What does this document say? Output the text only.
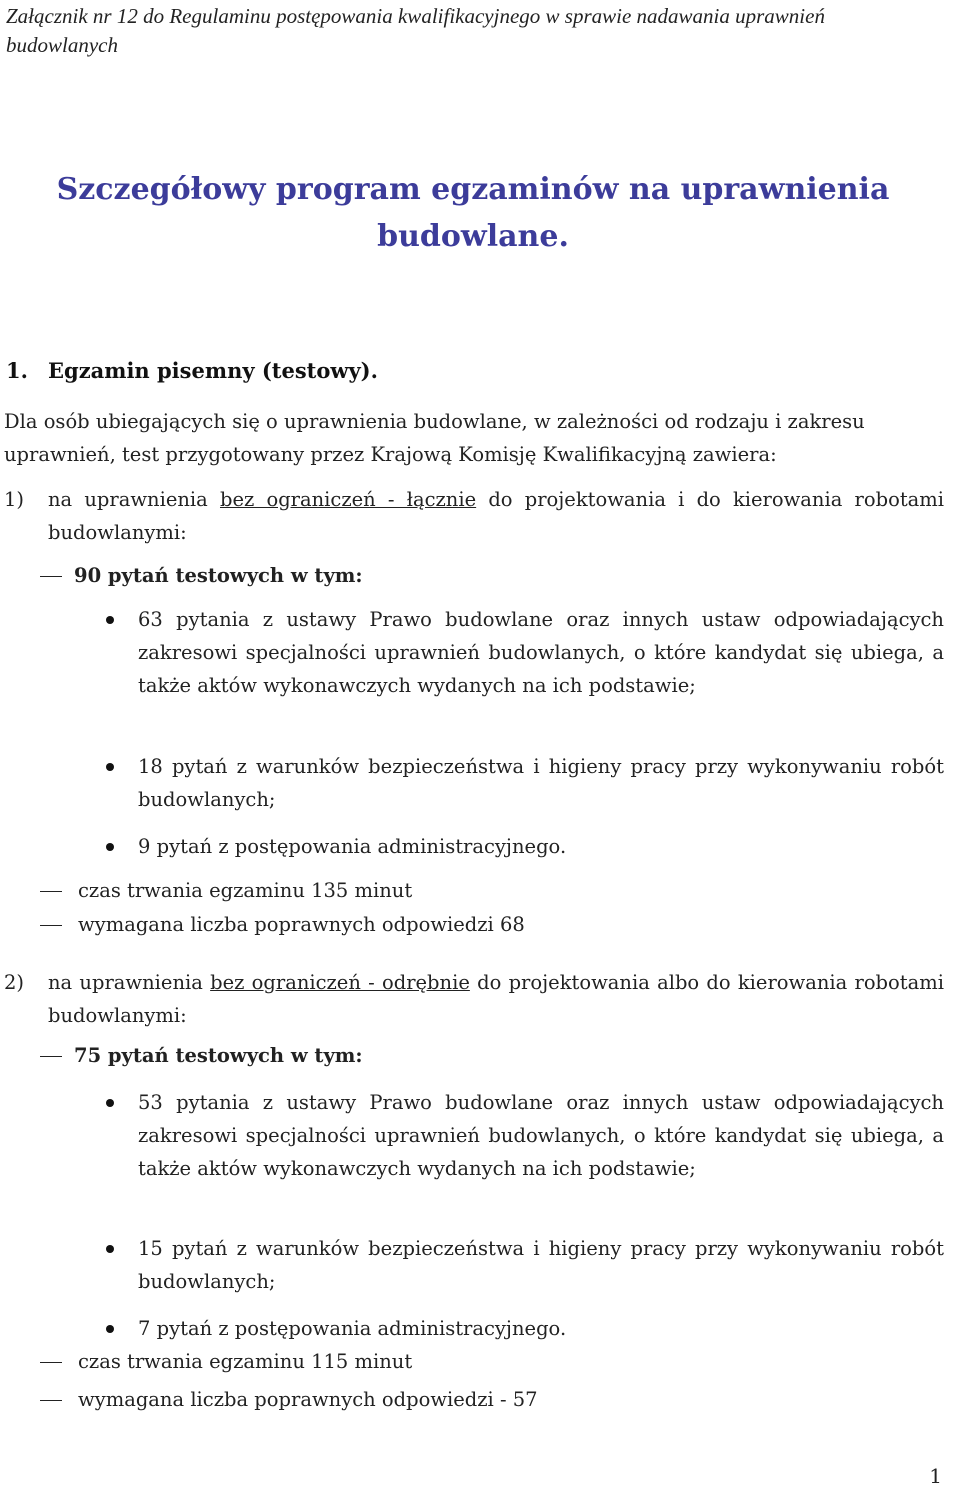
Załącznik nr 12 do Regulaminu postępowania kwalifikacyjnego w sprawie nadawania uprawnień budowlanych
Szczegółowy program egzaminów na uprawnienia
budowlane.
1. Egzamin pisemny (testowy).
Dla osób ubiegających się o uprawnienia budowlane, w zależności od rodzaju i zakresu uprawnień, test przygotowany przez Krajową Komisję Kwalifikacyjną zawiera:
1) na uprawnienia bez ograniczeń - łącznie do projektowania i do kierowania robotami budowlanymi:
90 pytań testowych w tym:
63 pytania z ustawy Prawo budowlane oraz innych ustaw odpowiadających zakresowi specjalności uprawnień budowlanych, o które kandydat się ubiega, a także aktów wykonawczych wydanych na ich podstawie;
18 pytań z warunków bezpieczeństwa i higieny pracy przy wykonywaniu robót budowlanych;
9 pytań z postępowania administracyjnego.
czas trwania egzaminu 135 minut
wymagana liczba poprawnych odpowiedzi 68
2) na uprawnienia bez ograniczeń - odrębnie do projektowania albo do kierowania robotami budowlanymi:
75 pytań testowych w tym:
53 pytania z ustawy Prawo budowlane oraz innych ustaw odpowiadających zakresowi specjalności uprawnień budowlanych, o które kandydat się ubiega, a także aktów wykonawczych wydanych na ich podstawie;
15 pytań z warunków bezpieczeństwa i higieny pracy przy wykonywaniu robót budowlanych;
7 pytań z postępowania administracyjnego.
czas trwania egzaminu 115 minut
wymagana liczba poprawnych odpowiedzi - 57
1
